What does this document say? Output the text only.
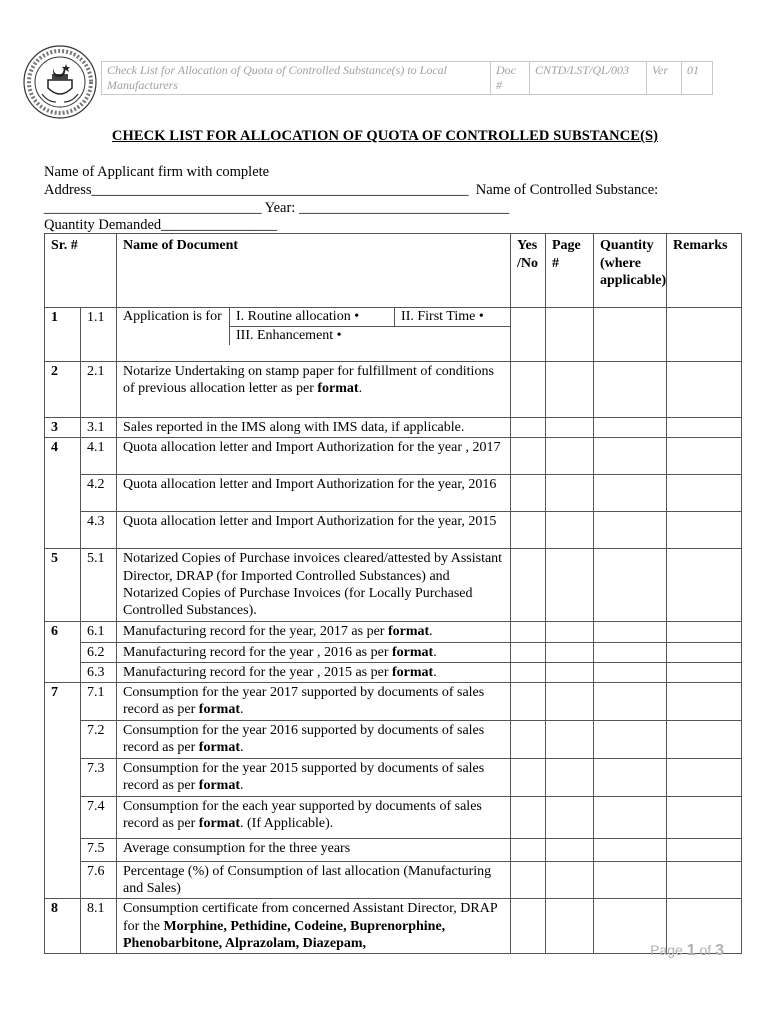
Check List for Allocation of Quota of Controlled Substance(s) to Local Manufacturers	Doc #	CNTD/LST/QL/003	Ver	01
CHECK LIST FOR ALLOCATION OF QUOTA OF CONTROLLED SUBSTANCE(S)
Name of Applicant firm with complete
Address____________________________________________________  Name of Controlled Substance:
______________________________ Year: _____________________________
Quantity Demanded________________
Sr. #	Name of Document	Yes /No	Page #	Quantity (where applicable)	Remarks
1	1.1	Application is for	I. Routine allocation •	II. First Time •
III. Enhancement •

2	2.1	Notarize Undertaking on stamp paper for fulfillment of conditions of previous allocation letter as per format.				
3	3.1	Sales reported in the IMS along with IMS data, if applicable.				
4	4.1	Quota allocation letter and Import Authorization for the year , 2017				
	4.2	Quota allocation letter and Import Authorization for the year, 2016				
	4.3	Quota allocation letter and Import Authorization for the year, 2015				
5	5.1	Notarized Copies of Purchase invoices cleared/attested by Assistant Director, DRAP (for Imported Controlled Substances) and Notarized Copies of Purchase Invoices (for Locally Purchased Controlled Substances).				
6	6.1	Manufacturing record for the year, 2017 as per format.				
	6.2	Manufacturing record for the year , 2016 as per format.				
	6.3	Manufacturing record for the year , 2015 as per format.				
7	7.1	Consumption for the year 2017 supported by documents of sales record as per format.				
	7.2	Consumption for the year 2016 supported by documents of sales record as per format.				
	7.3	Consumption for the year 2015 supported by documents of sales record as per format.				
	7.4	Consumption for the each year supported by documents of sales record as per format. (If Applicable).				
	7.5	Average consumption for the three years				
	7.6	Percentage (%) of Consumption of last allocation (Manufacturing and Sales)				
8	8.1	Consumption certificate from concerned Assistant Director, DRAP for the Morphine, Pethidine, Codeine, Buprenorphine, Phenobarbitone, Alprazolam, Diazepam,					Page 1 of 3
